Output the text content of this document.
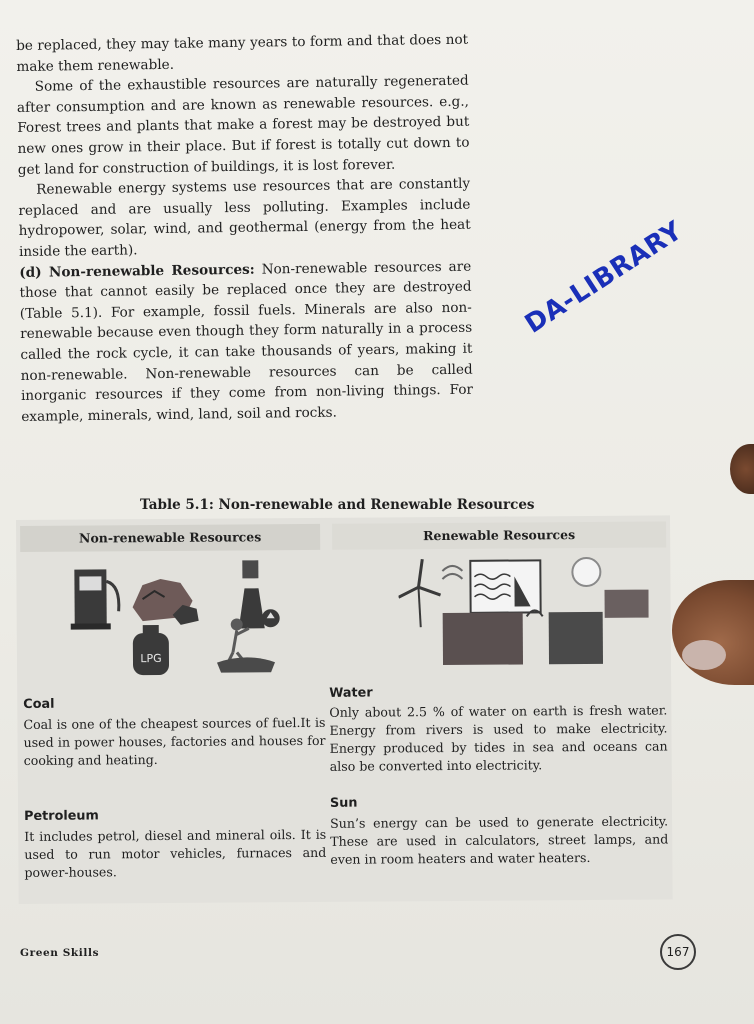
be replaced, they may take many years to form and that does not make them renewable.

Some of the exhaustible resources are naturally regenerated after consumption and are known as renewable resources. e.g., Forest trees and plants that make a forest may be destroyed but new ones grow in their place. But if forest is totally cut down to get land for construction of buildings, it is lost forever.

Renewable energy systems use resources that are constantly replaced and are usually less polluting. Examples include hydropower, solar, wind, and geothermal (energy from the heat inside the earth).

(d) Non-renewable Resources: Non-renewable resources are those that cannot easily be replaced once they are destroyed (Table 5.1). For example, fossil fuels. Minerals are also non-renewable because even though they form naturally in a process called the rock cycle, it can take thousands of years, making it non-renewable. Non-renewable resources can be called inorganic resources if they come from non-living things. For example, minerals, wind, land, soil and rocks.

DA-LIBRARY
Table 5.1: Non-renewable and Renewable Resources
Non-renewable Resources	Renewable Resources
LPG
Coal
Coal is one of the cheapest sources of fuel.It is used in power houses, factories and houses for cooking and heating.
Petroleum
It includes petrol, diesel and mineral oils. It is used to run motor vehicles, furnaces and power-houses.
Water
Only about 2.5 % of water on earth is fresh water. Energy from rivers is used to make electricity. Energy produced by tides in sea and oceans can also be converted into electricity.
Sun
Sun’s energy can be used to generate electricity. These are used in calculators, street lamps, and even in room heaters and water heaters.
Green Skills	167
